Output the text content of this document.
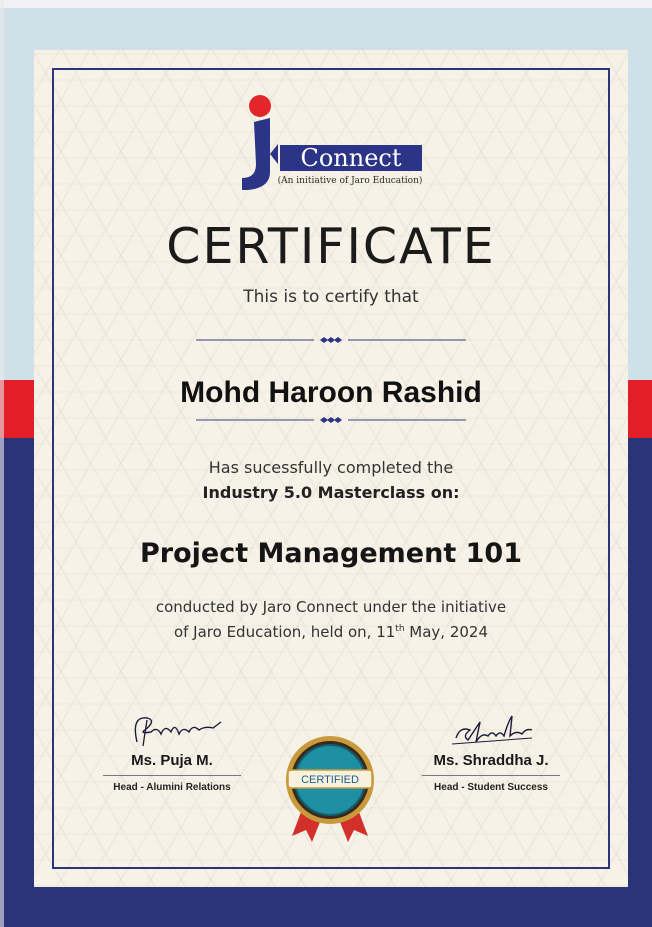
Connect
(An initiative of Jaro Education)
CERTIFICATE
This is to certify that
Mohd Haroon Rashid
Has sucessfully completed the
Industry 5.0 Masterclass on:
Project Management 101
conducted by Jaro Connect under the initiative
of Jaro Education, held on, 11th May, 2024
Ms. Puja M.
Head - Alumini Relations
Ms. Shraddha J.
Head - Student Success
CERTIFIED
